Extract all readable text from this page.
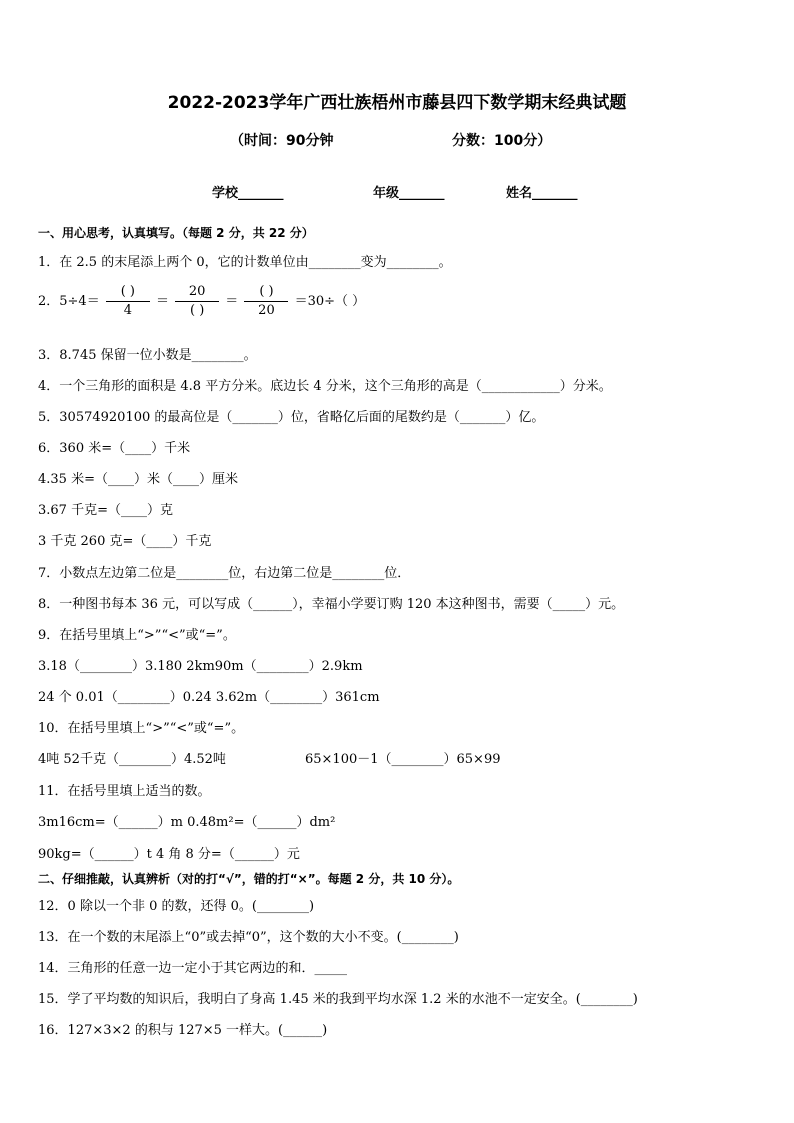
2022-2023学年广西壮族梧州市藤县四下数学期末经典试题
（时间：90分钟	分数：100分）
学校_______	年级_______	姓名_______
一、用心思考，认真填写。（每题 2 分，共 22 分）
1．在 2.5 的末尾添上两个 0，它的计数单位由________变为________。
2．$5\div 4= \frac{( )}{4} = \frac{20}{( )} = \frac{( )}{20} =30\div$（ ）
3．8.745 保留一位小数是________。
4．一个三角形的面积是 4.8 平方分米。底边长 4 分米，这个三角形的高是（____________）分米。
5．30574920100 的最高位是（_______）位，省略亿后面的尾数约是（_______）亿。
6．360 米=（____）千米
4.35 米=（____）米（____）厘米
3.67 千克=（____）克
3 千克 260 克=（____）千克
7．小数点左边第二位是________位，右边第二位是________位．
8．一种图书每本 36 元，可以写成（______），幸福小学要订购 120 本这种图书，需要（_____）元。
9．在括号里填上“>”“<”或“=”。
3.18（________）3.180 2km90m（________）2.9km
24 个 0.01（________）0.24 3.62m（________）361cm
10．在括号里填上“>”“<”或“=”。
4吨 52千克（________）4.52吨	65×100－1（________）65×99
11．在括号里填上适当的数。
3m16cm=（______）m 0.48m²=（______）dm²
90kg=（______）t 4 角 8 分=（______）元
二、仔细推敲，认真辨析（对的打“√”，错的打“×”。每题 2 分，共 10 分）。
12．0 除以一个非 0 的数，还得 0。(________)
13．在一个数的末尾添上“0”或去掉“0”，这个数的大小不变。(________)
14．三角形的任意一边一定小于其它两边的和．_____
15．学了平均数的知识后，我明白了身高 1.45 米的我到平均水深 1.2 米的水池不一定安全。(________)
16．127×3×2 的积与 127×5 一样大。(______)
